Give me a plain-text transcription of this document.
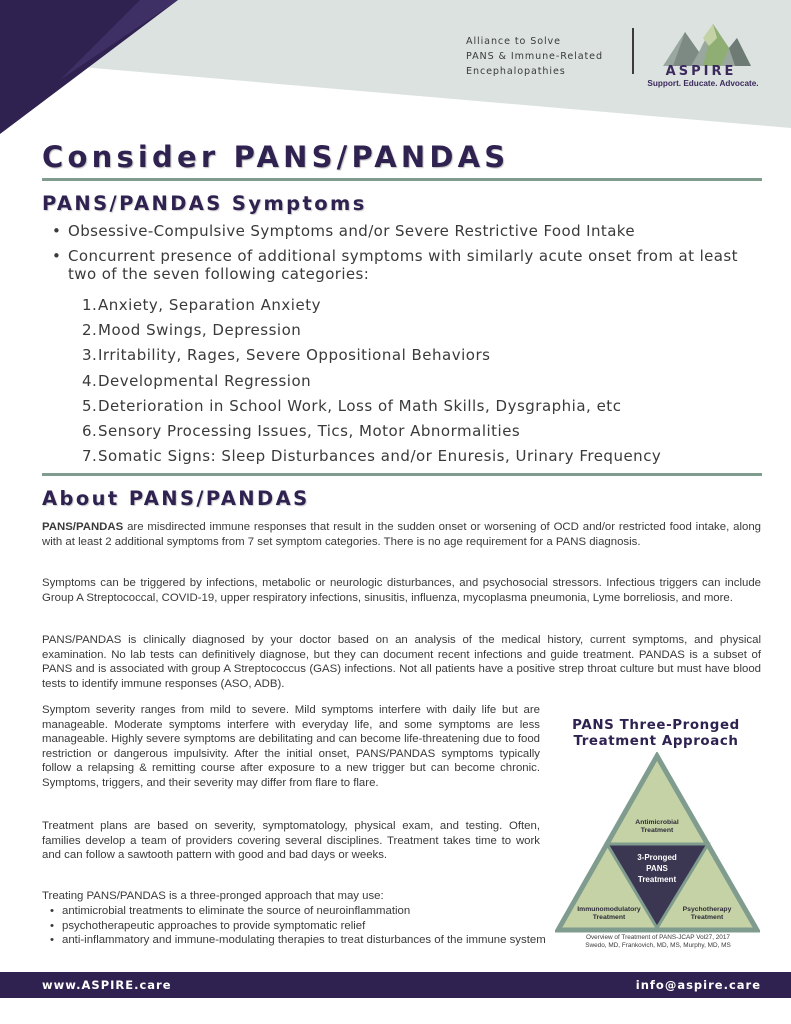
Alliance to Solve
PANS & Immune-Related
Encephalopathies	ASPIRE
Support. Educate. Advocate.
Consider PANS/PANDAS
PANS/PANDAS Symptoms
• Obsessive-Compulsive Symptoms and/or Severe Restrictive Food Intake
• Concurrent presence of additional symptoms with similarly acute onset from at least two of the seven following categories:
1.Anxiety, Separation Anxiety
2.Mood Swings, Depression
3.Irritability, Rages, Severe Oppositional Behaviors
4.Developmental Regression
5.Deterioration in School Work, Loss of Math Skills, Dysgraphia, etc
6.Sensory Processing Issues, Tics, Motor Abnormalities
7.Somatic Signs: Sleep Disturbances and/or Enuresis, Urinary Frequency
About PANS/PANDAS

PANS/PANDAS are misdirected immune responses that result in the sudden onset or worsening of OCD and/or restricted food intake, along with at least 2 additional symptoms from 7 set symptom categories. There is no age requirement for a PANS diagnosis.

Symptoms can be triggered by infections, metabolic or neurologic disturbances, and psychosocial stressors. Infectious triggers can include Group A Streptococcal, COVID-19, upper respiratory infections, sinusitis, influenza, mycoplasma pneumonia, Lyme borreliosis, and more.

PANS/PANDAS is clinically diagnosed by your doctor based on an analysis of the medical history, current symptoms, and physical examination. No lab tests can definitively diagnose, but they can document recent infections and guide treatment. PANDAS is a subset of PANS and is associated with group A Streptococcus (GAS) infections. Not all patients have a positive strep throat culture but must have blood tests to identify immune responses (ASO, ADB).

Symptom severity ranges from mild to severe. Mild symptoms interfere with daily life but are manageable. Moderate symptoms interfere with everyday life, and some symptoms are less manageable. Highly severe symptoms are debilitating and can become life-threatening due to food restriction or dangerous impulsivity. After the initial onset, PANS/PANDAS symptoms typically follow a relapsing & remitting course after exposure to a new trigger but can become chronic. Symptoms, triggers, and their severity may differ from flare to flare.

Treatment plans are based on severity, symptomatology, physical exam, and testing. Often, families develop a team of providers covering several disciplines. Treatment takes time to work and can follow a sawtooth pattern with good and bad days or weeks.

Treating PANS/PANDAS is a three-pronged approach that may use:

• antimicrobial treatments to eliminate the source of neuroinflammation
• psychotherapeutic approaches to provide symptomatic relief
• anti-inflammatory and immune-modulating therapies to treat disturbances of the immune system
PANS Three-Pronged
Treatment Approach
Antimicrobial
Treatment
3-Pronged
PANS
Treatment
Immunomodulatory
Treatment
Psychotherapy
Treatment
Overview of Treatment of PANS-JCAP Vol27, 2017
Swedo, MD, Frankovich, MD, MS, Murphy, MD, MS
www.ASPIRE.care	info@aspire.care
